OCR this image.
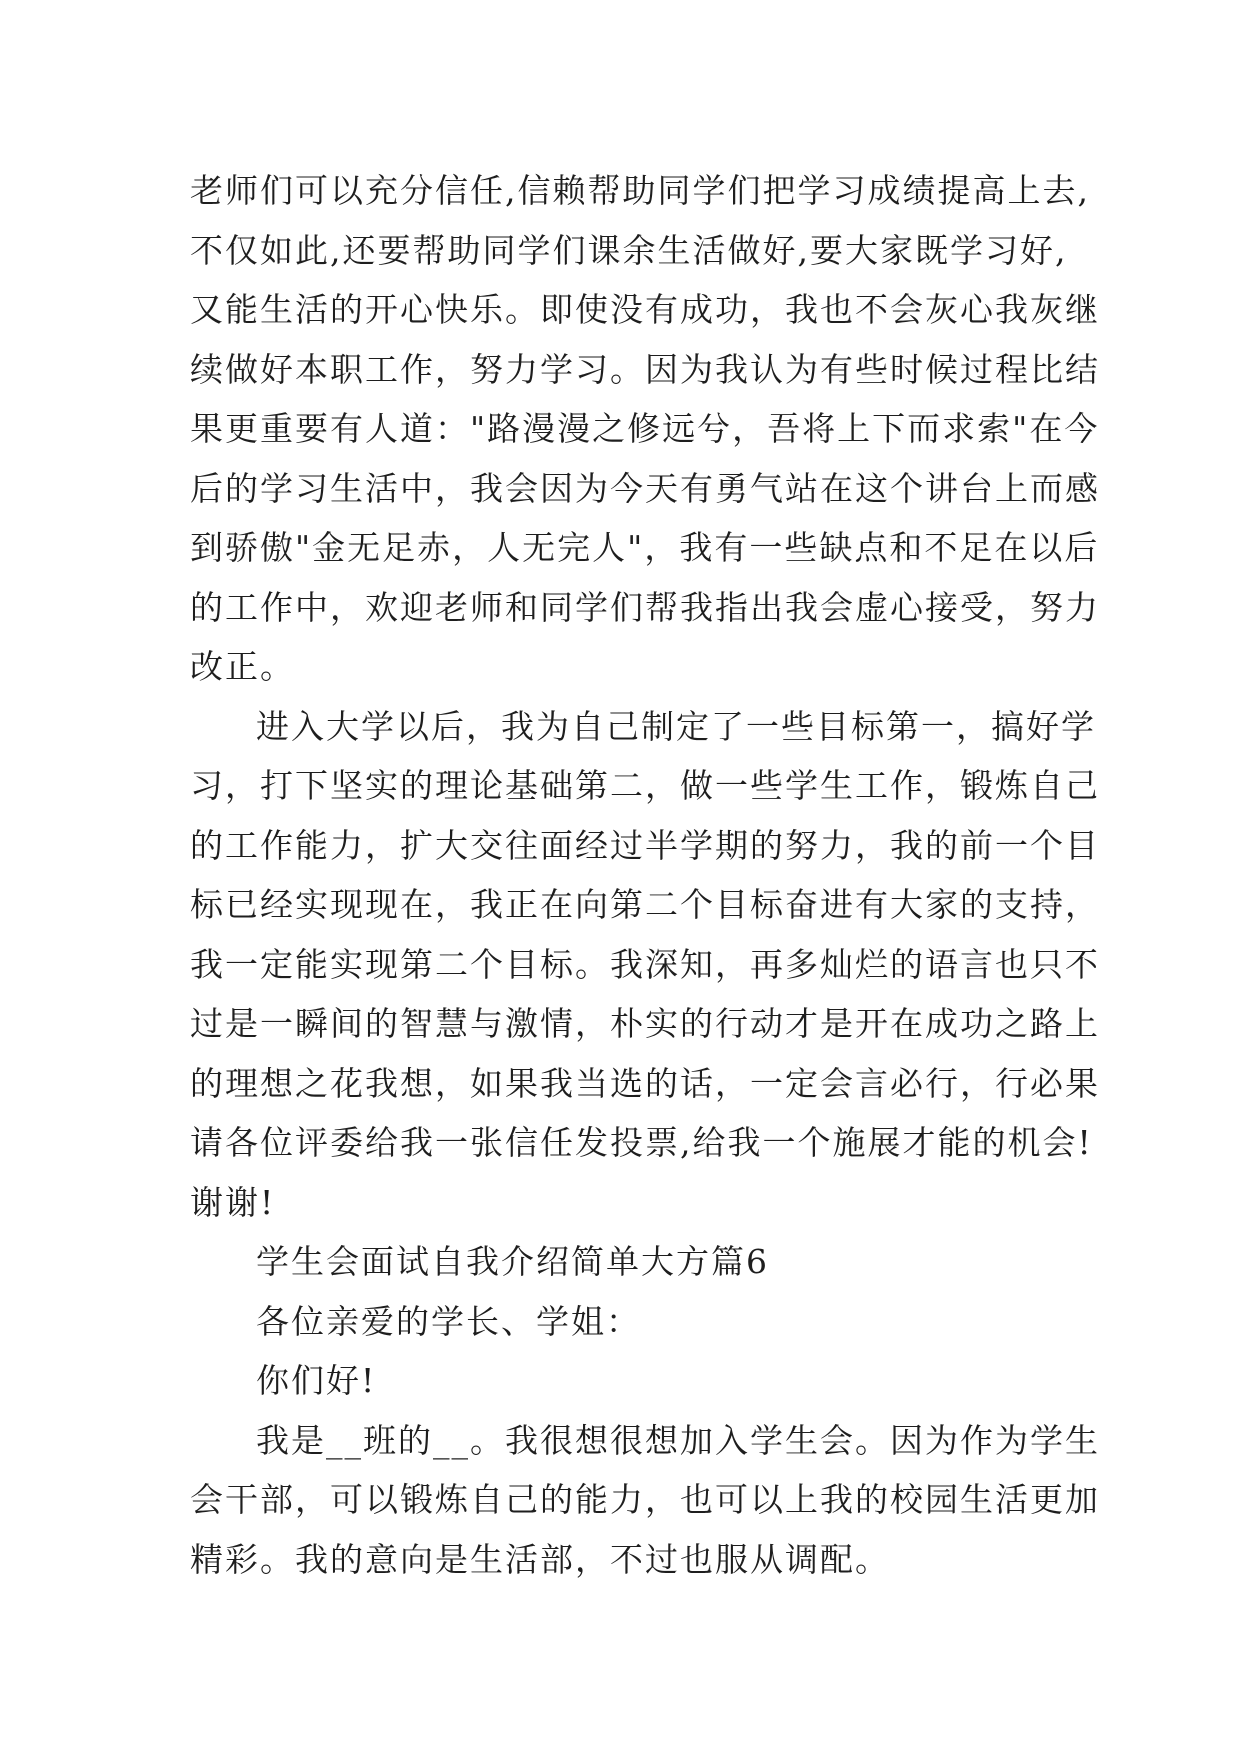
老师们可以充分信任,信赖帮助同学们把学习成绩提高上去,
不仅如此,还要帮助同学们课余生活做好,要大家既学习好,
又能生活的开心快乐。即使没有成功，我也不会灰心我灰继
续做好本职工作，努力学习。因为我认为有些时候过程比结
果更重要有人道："路漫漫之修远兮，吾将上下而求索"在今
后的学习生活中，我会因为今天有勇气站在这个讲台上而感
到骄傲"金无足赤，人无完人"，我有一些缺点和不足在以后
的工作中，欢迎老师和同学们帮我指出我会虚心接受，努力
改正。
进入大学以后，我为自己制定了一些目标第一，搞好学
习，打下坚实的理论基础第二，做一些学生工作，锻炼自己
的工作能力，扩大交往面经过半学期的努力，我的前一个目
标已经实现现在，我正在向第二个目标奋进有大家的支持，
我一定能实现第二个目标。我深知，再多灿烂的语言也只不
过是一瞬间的智慧与激情，朴实的行动才是开在成功之路上
的理想之花我想，如果我当选的话，一定会言必行，行必果
请各位评委给我一张信任发投票,给我一个施展才能的机会!
谢谢!
学生会面试自我介绍简单大方篇6
各位亲爱的学长、学姐：
你们好!
我是__班的__。我很想很想加入学生会。因为作为学生
会干部，可以锻炼自己的能力，也可以上我的校园生活更加
精彩。我的意向是生活部，不过也服从调配。
